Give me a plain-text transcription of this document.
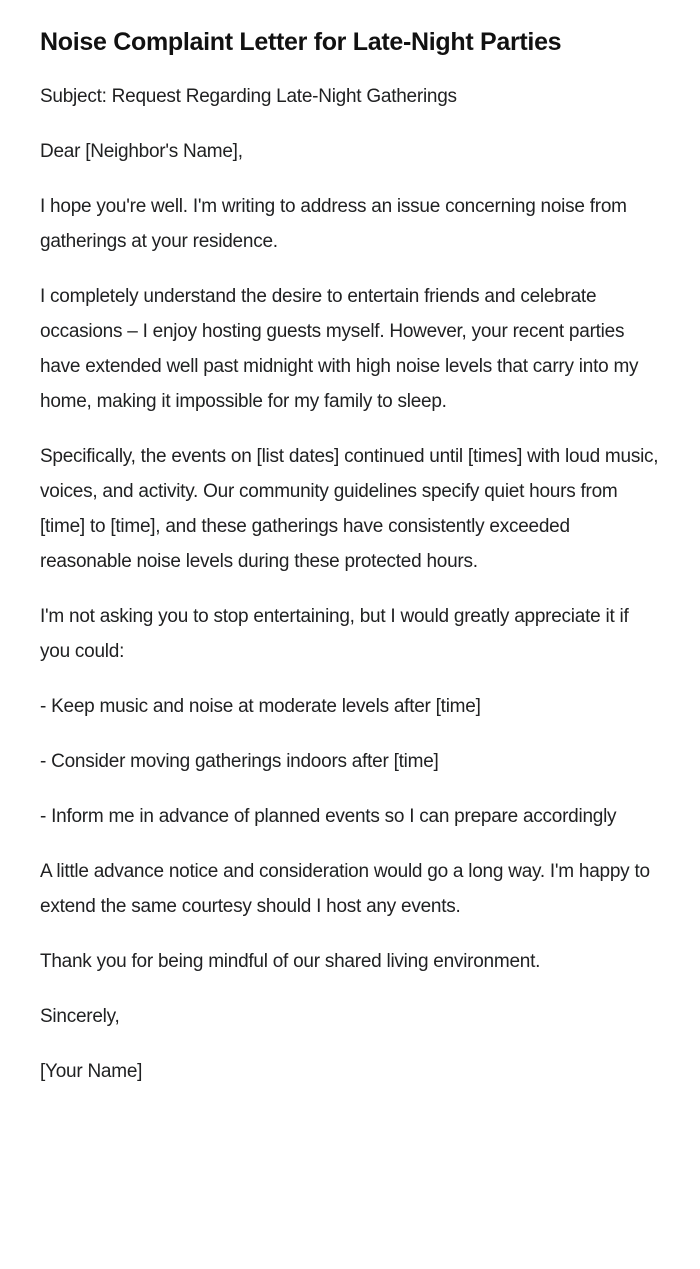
Noise Complaint Letter for Late-Night Parties

Subject: Request Regarding Late-Night Gatherings

Dear [Neighbor's Name],

I hope you're well. I'm writing to address an issue concerning noise from gatherings at your residence.

I completely understand the desire to entertain friends and celebrate occasions – I enjoy hosting guests myself. However, your recent parties have extended well past midnight with high noise levels that carry into my home, making it impossible for my family to sleep.

Specifically, the events on [list dates] continued until [times] with loud music, voices, and activity. Our community guidelines specify quiet hours from [time] to [time], and these gatherings have consistently exceeded reasonable noise levels during these protected hours.

I'm not asking you to stop entertaining, but I would greatly appreciate it if you could:

- Keep music and noise at moderate levels after [time]

- Consider moving gatherings indoors after [time]

- Inform me in advance of planned events so I can prepare accordingly

A little advance notice and consideration would go a long way. I'm happy to extend the same courtesy should I host any events.

Thank you for being mindful of our shared living environment.

Sincerely,

[Your Name]
